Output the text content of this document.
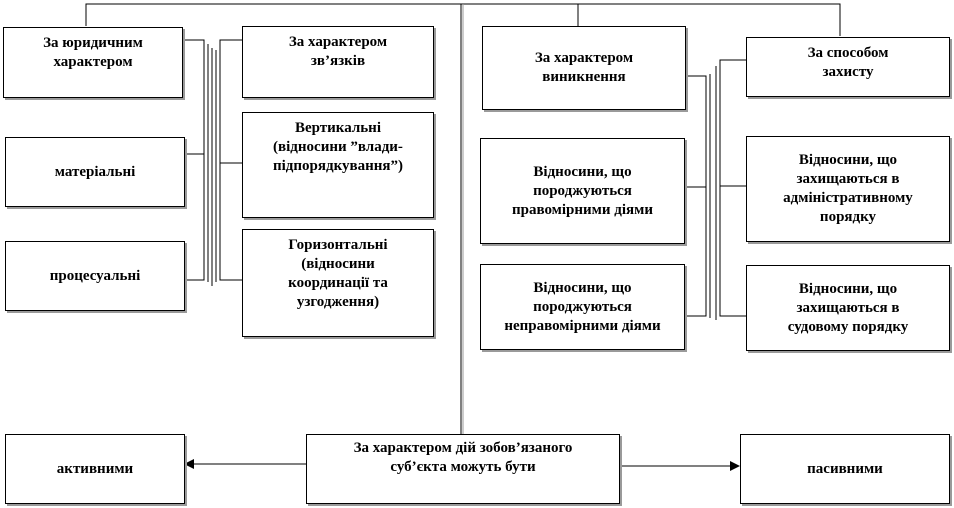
За юридичним
характером
матеріальні
процесуальні
За характером
зв’язків
Вертикальні
(відносини ”влади-
підпорядкування”)
Горизонтальні
(відносини
координації та
узгодження)
За характером
виникнення
Відносини, що
породжуються
правомірними діями
Відносини, що
породжуються
неправомірними діями
За способом
захисту
Відносини, що
захищаються в
адміністративному
порядку
Відносини, що
захищаються в
судовому порядку
За характером дій зобов’язаного
суб’єкта можуть бути
активними	пасивними
